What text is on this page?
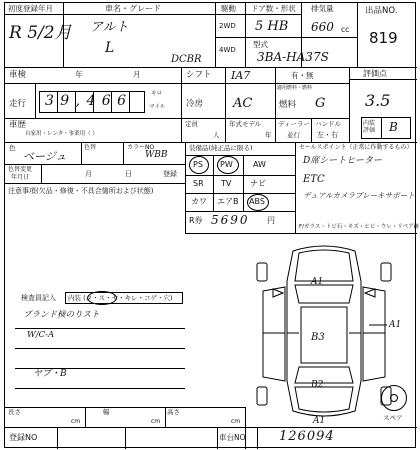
初度登録年月
R 5/2月
車名・グレード
アルト
L
DCBR
駆動
2WD
・
4WD
ドア数・形状
5 HB
排気量
660 cc
型式
3BA-HA37S
出品NO.
819
車検	年	月	シフト IA7	有・無	評価点
3.5
走行 39,466	キロ
マイル 冷房 AC
適用燃料・燃料
燃料 G
内装評価	B
車歴
自家用・レンタ・事業用（ ）
定員
人
年式モデル
年
ディーラー
並行
ハンドル
左・右
色
ベージュ
色替	カラーNO
WBB
色替変更
年月日	月	日	登録
注意事項(欠品・修復・不具合箇所および状態)
装備品(純正品に限る)
PS PW	AW
SR TV ナビ
カワ エアB ABS
R券 5690 円
セールスポイント（正常に作動するもの）
D席シートヒーター
ETC
デュアルカメラブレーキサポート
F/ガラス・トビ石・キズ・ヒビ・ウレ・リペア跡
検査員記入 内装 (タ・ス・ヤ・キレ・コゲ・穴)
ブランド検のりスト
W/C-A
ヤブ・B
A1
B3
A1
B2
A1	スペア
長さ
cm
幅
cm
高さ
cm
登録NO	車台NO	126094
